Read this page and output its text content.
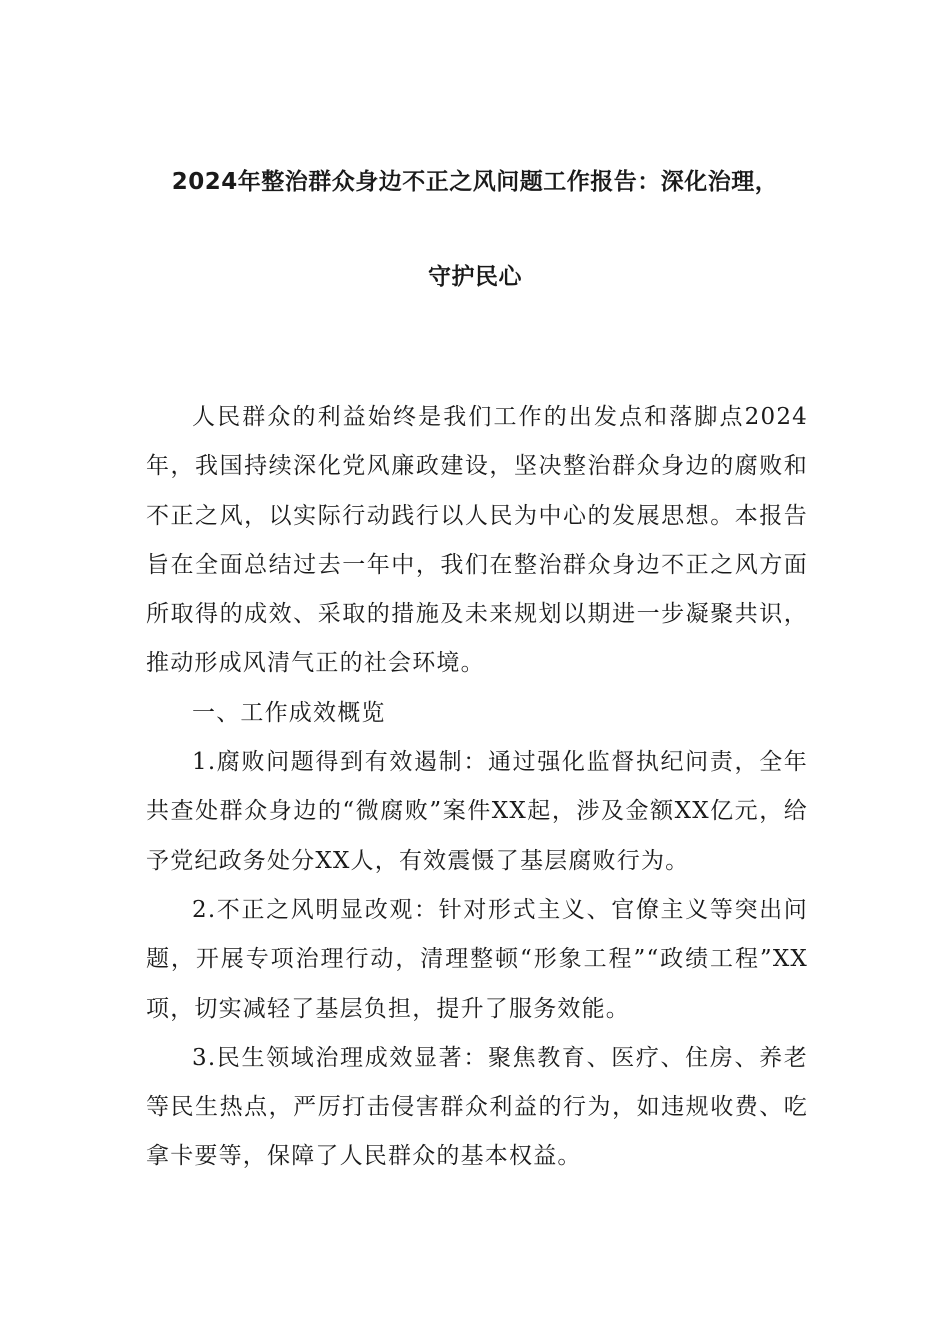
2024年整治群众身边不正之风问题工作报告：深化治理，
守护民心

人民群众的利益始终是我们工作的出发点和落脚点2024年，我国持续深化党风廉政建设，坚决整治群众身边的腐败和不正之风，以实际行动践行以人民为中心的发展思想。本报告旨在全面总结过去一年中，我们在整治群众身边不正之风方面所取得的成效、采取的措施及未来规划以期进一步凝聚共识，推动形成风清气正的社会环境。

一、工作成效概览

1.腐败问题得到有效遏制：通过强化监督执纪问责，全年共查处群众身边的“微腐败”案件XX起，涉及金额XX亿元，给予党纪政务处分XX人，有效震慑了基层腐败行为。

2.不正之风明显改观：针对形式主义、官僚主义等突出问题，开展专项治理行动，清理整顿“形象工程”“政绩工程”XX项，切实减轻了基层负担，提升了服务效能。

3.民生领域治理成效显著：聚焦教育、医疗、住房、养老等民生热点，严厉打击侵害群众利益的行为，如违规收费、吃拿卡要等，保障了人民群众的基本权益。
